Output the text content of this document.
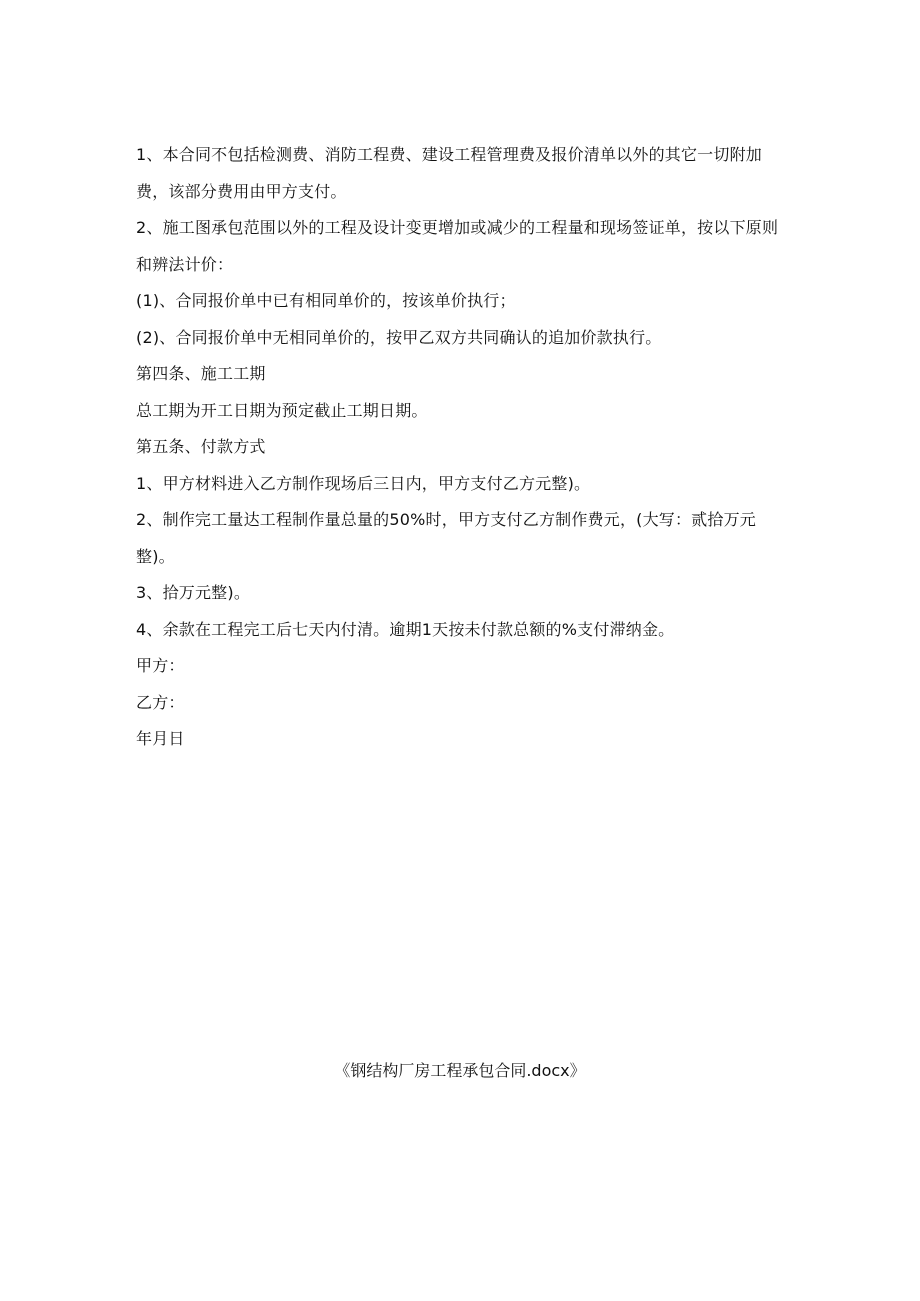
1、本合同不包括检测费、消防工程费、建设工程管理费及报价清单以外的其它一切附加费，该部分费用由甲方支付。

2、施工图承包范围以外的工程及设计变更增加或减少的工程量和现场签证单，按以下原则和辨法计价：

(1)、合同报价单中已有相同单价的，按该单价执行；

(2)、合同报价单中无相同单价的，按甲乙双方共同确认的追加价款执行。

第四条、施工工期

总工期为开工日期为预定截止工期日期。

第五条、付款方式

1、甲方材料进入乙方制作现场后三日内，甲方支付乙方元整)。

2、制作完工量达工程制作量总量的50%时，甲方支付乙方制作费元，(大写：贰拾万元整)。

3、拾万元整)。

4、余款在工程完工后七天内付清。逾期1天按未付款总额的%支付滞纳金。

甲方：

乙方：

年月日

《钢结构厂房工程承包合同.docx》
